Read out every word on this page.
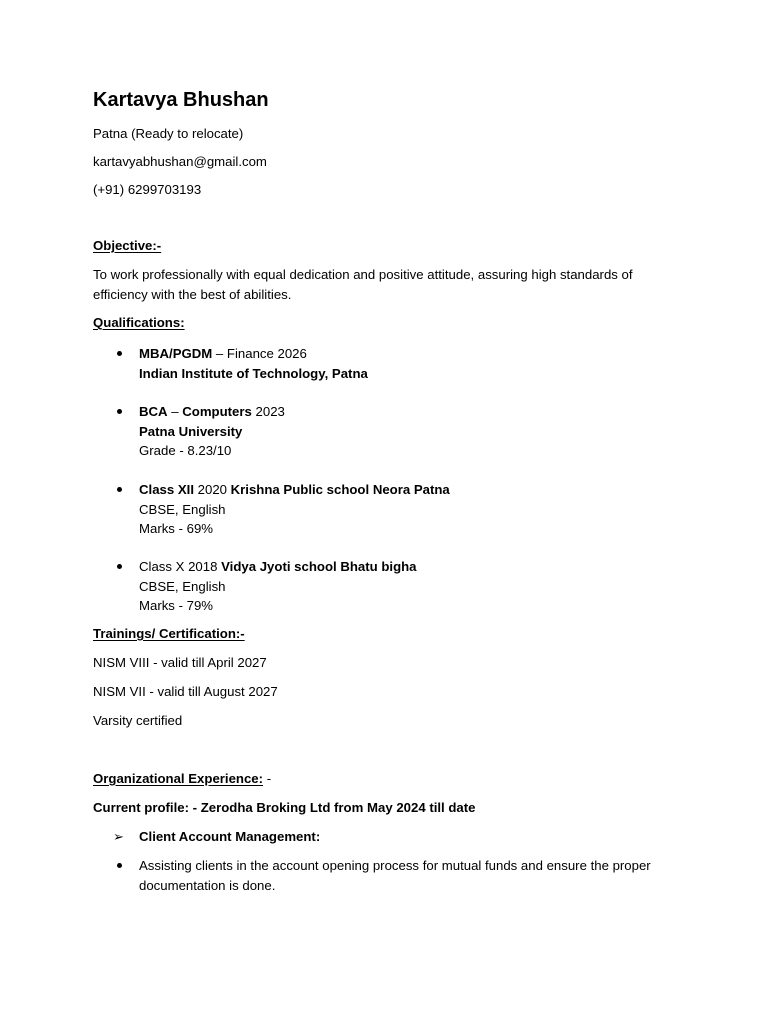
Kartavya Bhushan
Patna (Ready to relocate)
kartavyabhushan@gmail.com
(+91) 6299703193
Objective:-
To work professionally with equal dedication and positive attitude, assuring high standards of efficiency with the best of abilities.
Qualifications:
MBA/PGDM – Finance 2026
Indian Institute of Technology, Patna
BCA – Computers 2023
Patna University
Grade - 8.23/10
Class XII 2020 Krishna Public school Neora Patna
CBSE, English
Marks - 69%
Class X 2018 Vidya Jyoti school Bhatu bigha
CBSE, English
Marks - 79%
Trainings/ Certification:-
NISM VIII - valid till April 2027
NISM VII - valid till August 2027
Varsity certified
Organizational Experience: -
Current profile: - Zerodha Broking Ltd from May 2024 till date
➢ Client Account Management:
Assisting clients in the account opening process for mutual funds and ensure the proper documentation is done.
